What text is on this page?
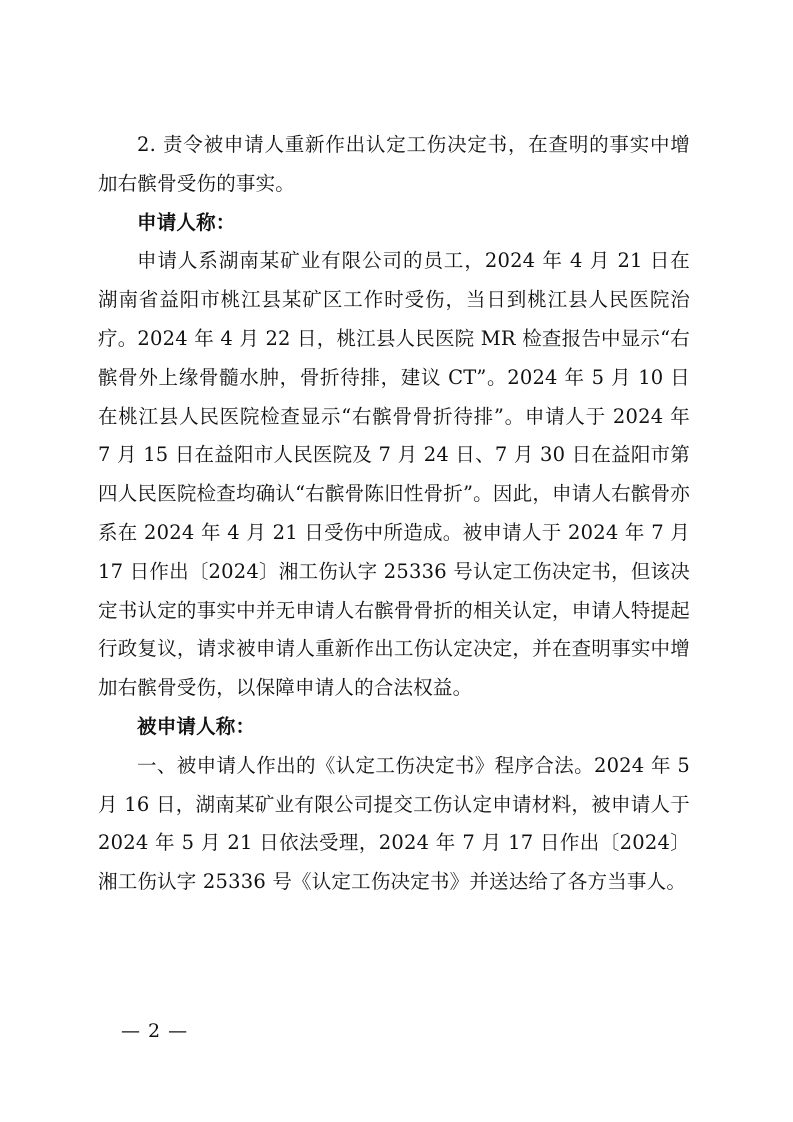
2. 责令被申请人重新作出认定工伤决定书，在查明的事实中增加右髌骨受伤的事实。

申请人称：

申请人系湖南某矿业有限公司的员工，2024 年 4 月 21 日在湖南省益阳市桃江县某矿区工作时受伤，当日到桃江县人民医院治疗。2024 年 4 月 22 日，桃江县人民医院 MR 检查报告中显示“右髌骨外上缘骨髓水肿，骨折待排，建议 CT”。2024 年 5 月 10 日在桃江县人民医院检查显示“右髌骨骨折待排”。申请人于 2024 年 7 月 15 日在益阳市人民医院及 7 月 24 日、7 月 30 日在益阳市第四人民医院检查均确认“右髌骨陈旧性骨折”。因此，申请人右髌骨亦系在 2024 年 4 月 21 日受伤中所造成。被申请人于 2024 年 7 月 17 日作出〔2024〕湘工伤认字 25336 号认定工伤决定书，但该决定书认定的事实中并无申请人右髌骨骨折的相关认定，申请人特提起行政复议，请求被申请人重新作出工伤认定决定，并在查明事实中增加右髌骨受伤，以保障申请人的合法权益。

被申请人称：

一、被申请人作出的《认定工伤决定书》程序合法。2024 年 5 月 16 日，湖南某矿业有限公司提交工伤认定申请材料，被申请人于 2024 年 5 月 21 日依法受理，2024 年 7 月 17 日作出〔2024〕湘工伤认字 25336 号《认定工伤决定书》并送达给了各方当事人。

— 2 —
